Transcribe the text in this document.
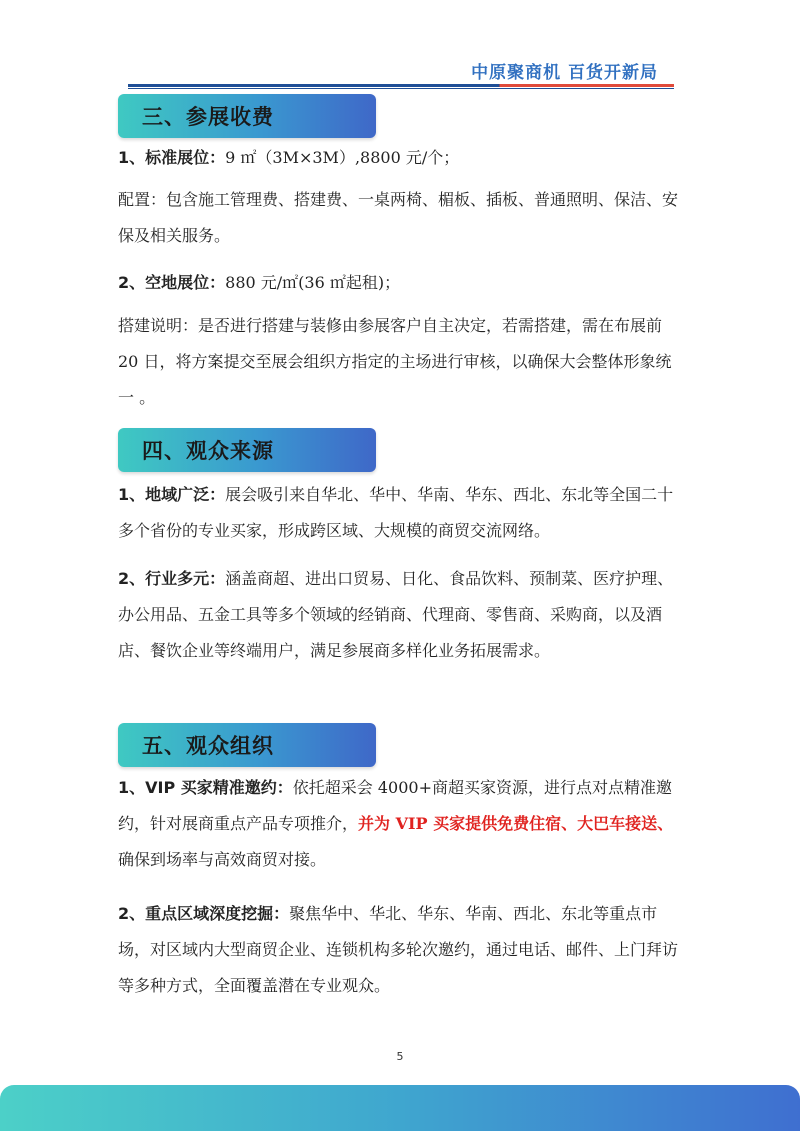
中原聚商机 百货开新局
三、参展收费

1、标准展位：9 ㎡（3M×3M）,8800 元/个；

配置：包含施工管理费、搭建费、一桌两椅、楣板、插板、普通照明、保洁、安保及相关服务。

2、空地展位：880 元/㎡(36 ㎡起租)；

搭建说明：是否进行搭建与装修由参展客户自主决定，若需搭建，需在布展前 20 日，将方案提交至展会组织方指定的主场进行审核，以确保大会整体形象统一 。

四、观众来源

1、地域广泛：展会吸引来自华北、华中、华南、华东、西北、东北等全国二十多个省份的专业买家，形成跨区域、大规模的商贸交流网络。

2、行业多元：涵盖商超、进出口贸易、日化、食品饮料、预制菜、医疗护理、办公用品、五金工具等多个领域的经销商、代理商、零售商、采购商，以及酒店、餐饮企业等终端用户，满足参展商多样化业务拓展需求。

五、观众组织

1、VIP 买家精准邀约：依托超采会 4000+商超买家资源，进行点对点精准邀约，针对展商重点产品专项推介，并为 VIP 买家提供免费住宿、大巴车接送、确保到场率与高效商贸对接。

2、重点区域深度挖掘：聚焦华中、华北、华东、华南、西北、东北等重点市场，对区域内大型商贸企业、连锁机构多轮次邀约，通过电话、邮件、上门拜访等多种方式，全面覆盖潜在专业观众。

5
